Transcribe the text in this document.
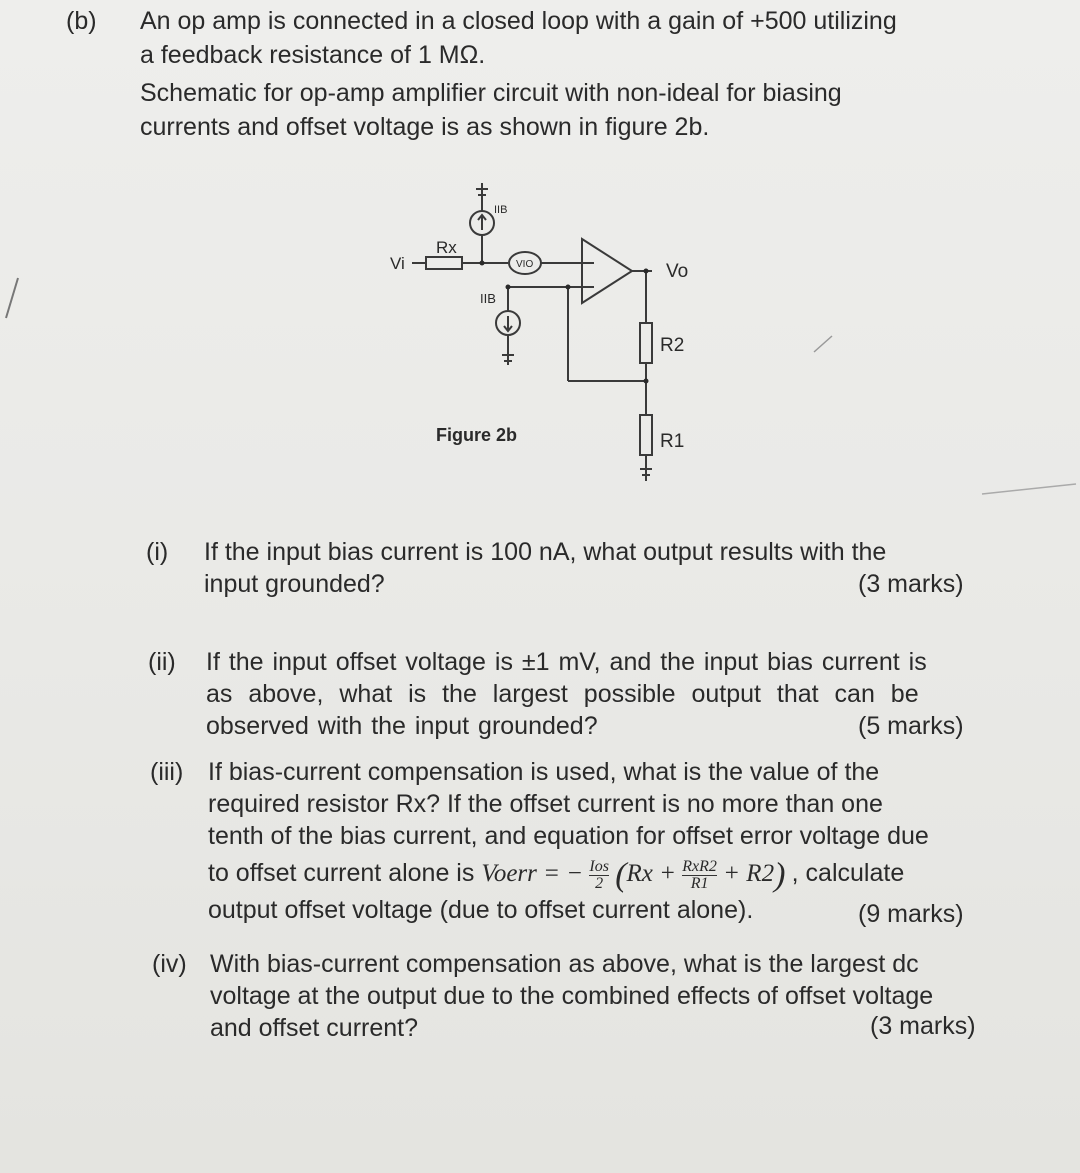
(b) An op amp is connected in a closed loop with a gain of +500 utilizing
a feedback resistance of 1 MΩ.
Schematic for op-amp amplifier circuit with non-ideal for biasing
currents and offset voltage is as shown in figure 2b.
Vi
Rx
IIB
VIO	Vo
IIB
R2
R1
Figure 2b
(i) If the input bias current is 100 nA, what output results with the
input grounded?	(3 marks)
(ii) If the input offset voltage is ±1 mV, and the input bias current is
as above, what is the largest possible output that can be
observed with the input grounded?	(5 marks)
(iii) If bias-current compensation is used, what is the value of the
required resistor Rx? If the offset current is no more than one
tenth of the bias current, and equation for offset error voltage due
to offset current alone is Voerr = − $\frac{\text{Ios}}{2} (Rx + \frac{\text{RxR2}}{R1} + R2)$ , calculate
output offset voltage (due to offset current alone).	(9 marks)
(iv) With bias-current compensation as above, what is the largest dc
voltage at the output due to the combined effects of offset voltage
and offset current?	(3 marks)
